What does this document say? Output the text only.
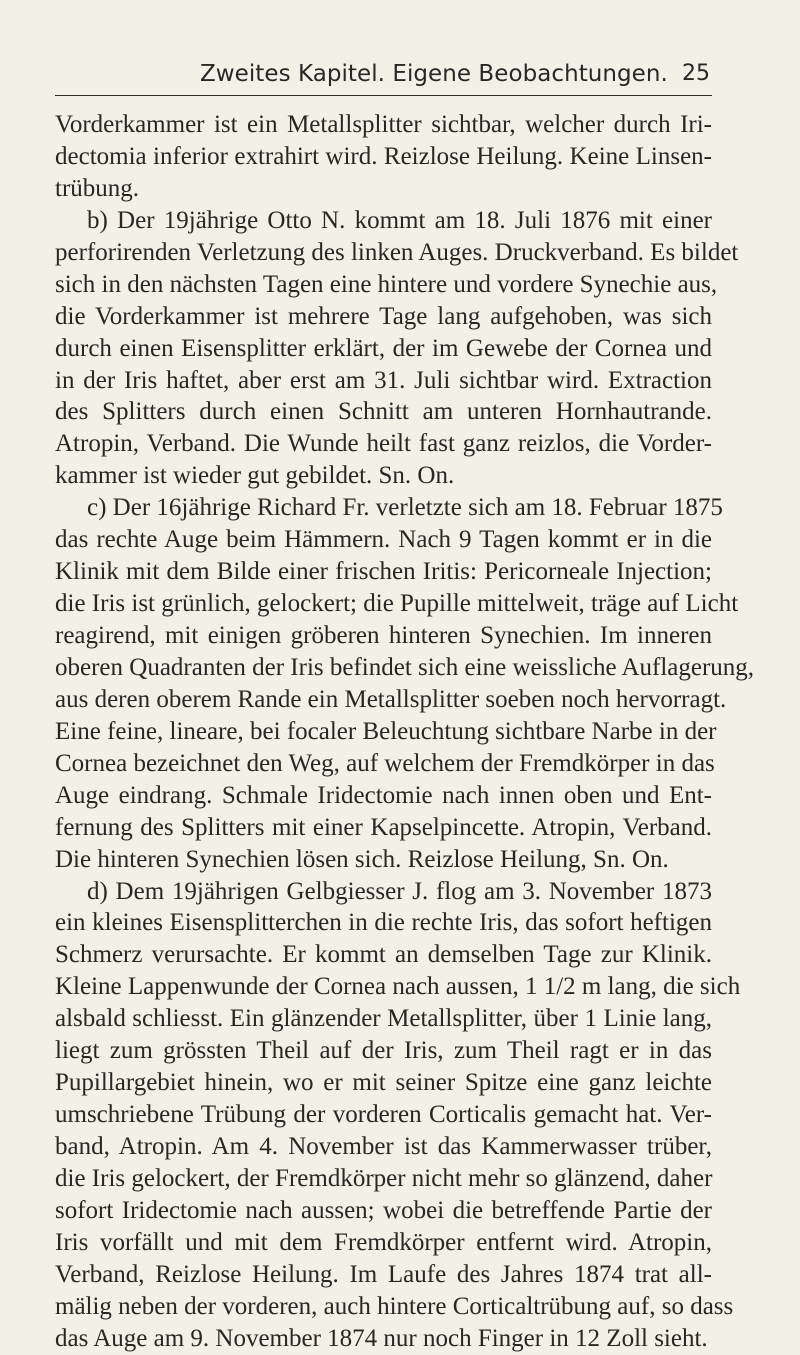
Zweites Kapitel. Eigene Beobachtungen. 25
Vorderkammer ist ein Metallsplitter sichtbar, welcher durch Iri-
dectomia inferior extrahirt wird. Reizlose Heilung. Keine Linsen-
trübung.
b) Der 19jährige Otto N. kommt am 18. Juli 1876 mit einer
perforirenden Verletzung des linken Auges. Druckverband. Es bildet
sich in den nächsten Tagen eine hintere und vordere Synechie aus,
die Vorderkammer ist mehrere Tage lang aufgehoben, was sich
durch einen Eisensplitter erklärt, der im Gewebe der Cornea und
in der Iris haftet, aber erst am 31. Juli sichtbar wird. Extraction
des Splitters durch einen Schnitt am unteren Hornhautrande.
Atropin, Verband. Die Wunde heilt fast ganz reizlos, die Vorder-
kammer ist wieder gut gebildet. Sn. On.
c) Der 16jährige Richard Fr. verletzte sich am 18. Februar 1875
das rechte Auge beim Hämmern. Nach 9 Tagen kommt er in die
Klinik mit dem Bilde einer frischen Iritis: Pericorneale Injection;
die Iris ist grünlich, gelockert; die Pupille mittelweit, träge auf Licht
reagirend, mit einigen gröberen hinteren Synechien. Im inneren
oberen Quadranten der Iris befindet sich eine weissliche Auflagerung,
aus deren oberem Rande ein Metallsplitter soeben noch hervorragt.
Eine feine, lineare, bei focaler Beleuchtung sichtbare Narbe in der
Cornea bezeichnet den Weg, auf welchem der Fremdkörper in das
Auge eindrang. Schmale Iridectomie nach innen oben und Ent-
fernung des Splitters mit einer Kapselpincette. Atropin, Verband.
Die hinteren Synechien lösen sich. Reizlose Heilung, Sn. On.
d) Dem 19jährigen Gelbgiesser J. flog am 3. November 1873
ein kleines Eisensplitterchen in die rechte Iris, das sofort heftigen
Schmerz verursachte. Er kommt an demselben Tage zur Klinik.
Kleine Lappenwunde der Cornea nach aussen, 1 1/2 m lang, die sich
alsbald schliesst. Ein glänzender Metallsplitter, über 1 Linie lang,
liegt zum grössten Theil auf der Iris, zum Theil ragt er in das
Pupillargebiet hinein, wo er mit seiner Spitze eine ganz leichte
umschriebene Trübung der vorderen Corticalis gemacht hat. Ver-
band, Atropin. Am 4. November ist das Kammerwasser trüber,
die Iris gelockert, der Fremdkörper nicht mehr so glänzend, daher
sofort Iridectomie nach aussen; wobei die betreffende Partie der
Iris vorfällt und mit dem Fremdkörper entfernt wird. Atropin,
Verband, Reizlose Heilung. Im Laufe des Jahres 1874 trat all-
mälig neben der vorderen, auch hintere Corticaltrübung auf, so dass
das Auge am 9. November 1874 nur noch Finger in 12 Zoll sieht.
